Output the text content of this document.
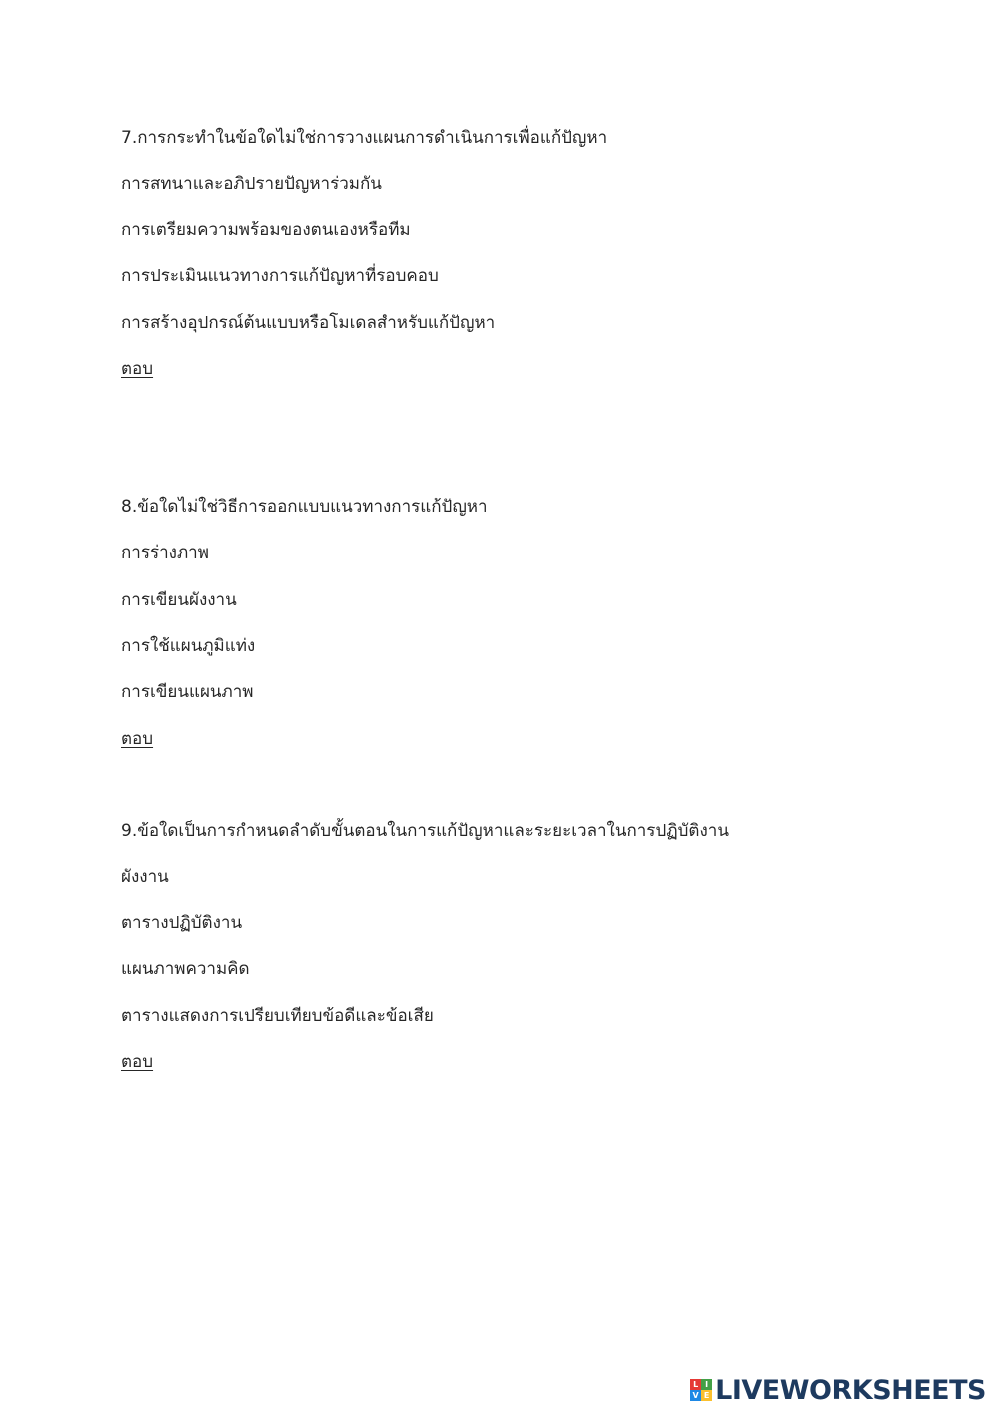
7.การกระทำในข้อใดไม่ใช่การวางแผนการดำเนินการเพื่อแก้ปัญหา

การสทนาและอภิปรายปัญหาร่วมกัน

การเตรียมความพร้อมของตนเองหรือทีม

การประเมินแนวทางการแก้ปัญหาที่รอบคอบ

การสร้างอุปกรณ์ต้นแบบหรือโมเดลสำหรับแก้ปัญหา

ตอบ

8.ข้อใดไม่ใช่วิธีการออกแบบแนวทางการแก้ปัญหา

การร่างภาพ

การเขียนผังงาน

การใช้แผนภูมิแท่ง

การเขียนแผนภาพ

ตอบ

9.ข้อใดเป็นการกำหนดลำดับขั้นตอนในการแก้ปัญหาและระยะเวลาในการปฏิบัติงาน

ผังงาน

ตารางปฏิบัติงาน

แผนภาพความคิด

ตารางแสดงการเปรียบเทียบข้อดีและข้อเสีย

ตอบ

L I
V E LIVEWORKSHEETS
